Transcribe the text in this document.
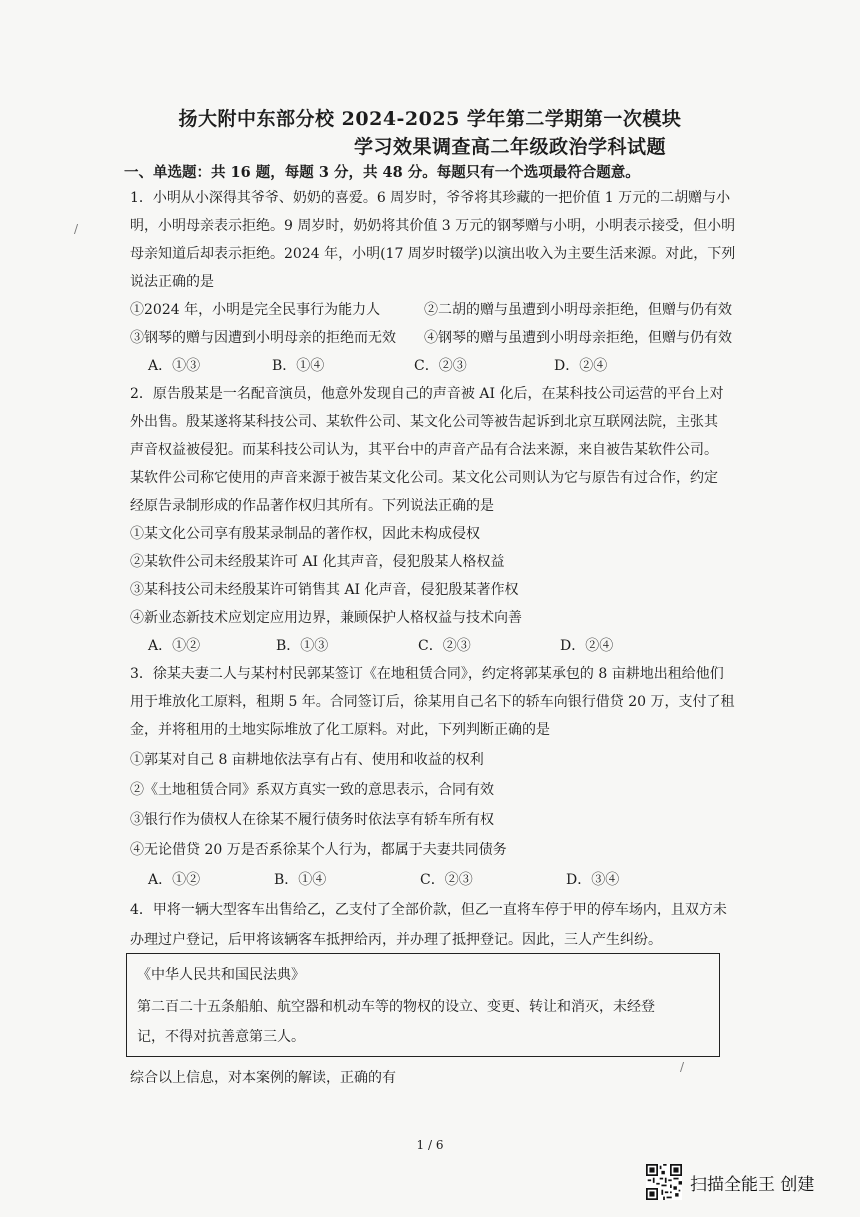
扬大附中东部分校 2024-2025 学年第二学期第一次模块
学习效果调查高二年级政治学科试题
一、单选题：共 16 题，每题 3 分，共 48 分。每题只有一个选项最符合题意。
1．小明从小深得其爷爷、奶奶的喜爱。6 周岁时，爷爷将其珍藏的一把价值 1 万元的二胡赠与小
明，小明母亲表示拒绝。9 周岁时，奶奶将其价值 3 万元的钢琴赠与小明，小明表示接受，但小明
母亲知道后却表示拒绝。2024 年，小明(17 周岁时辍学)以演出收入为主要生活来源。对此，下列
说法正确的是
①2024 年，小明是完全民事行为能力人	②二胡的赠与虽遭到小明母亲拒绝，但赠与仍有效
③钢琴的赠与因遭到小明母亲的拒绝而无效 ④钢琴的赠与虽遭到小明母亲拒绝，但赠与仍有效
A．①③	B．①④	C．②③	D．②④
2．原告殷某是一名配音演员，他意外发现自己的声音被 AI 化后，在某科技公司运营的平台上对
外出售。殷某遂将某科技公司、某软件公司、某文化公司等被告起诉到北京互联网法院，主张其
声音权益被侵犯。而某科技公司认为，其平台中的声音产品有合法来源，来自被告某软件公司。
某软件公司称它使用的声音来源于被告某文化公司。某文化公司则认为它与原告有过合作，约定
经原告录制形成的作品著作权归其所有。下列说法正确的是
①某文化公司享有殷某录制品的著作权，因此未构成侵权
②某软件公司未经殷某许可 AI 化其声音，侵犯殷某人格权益
③某科技公司未经殷某许可销售其 AI 化声音，侵犯殷某著作权
④新业态新技术应划定应用边界，兼顾保护人格权益与技术向善
A．①②	B．①③	C．②③	D．②④
3．徐某夫妻二人与某村村民郭某签订《在地租赁合同》，约定将郭某承包的 8 亩耕地出租给他们
用于堆放化工原料，租期 5 年。合同签订后，徐某用自己名下的轿车向银行借贷 20 万，支付了租
金，并将租用的土地实际堆放了化工原料。对此，下列判断正确的是
①郭某对自己 8 亩耕地依法享有占有、使用和收益的权利
②《土地租赁合同》系双方真实一致的意思表示，合同有效
③银行作为债权人在徐某不履行债务时依法享有轿车所有权
④无论借贷 20 万是否系徐某个人行为，都属于夫妻共同债务
A．①②	B．①④	C．②③	D．③④
4．甲将一辆大型客车出售给乙，乙支付了全部价款，但乙一直将车停于甲的停车场内，且双方未
办理过户登记，后甲将该辆客车抵押给丙，并办理了抵押登记。因此，三人产生纠纷。
《中华人民共和国民法典》
第二百二十五条船舶、航空器和机动车等的物权的设立、变更、转让和消灭，未经登
记，不得对抗善意第三人。
综合以上信息，对本案例的解读，正确的有
1 / 6
/
/
扫描全能王 创建
